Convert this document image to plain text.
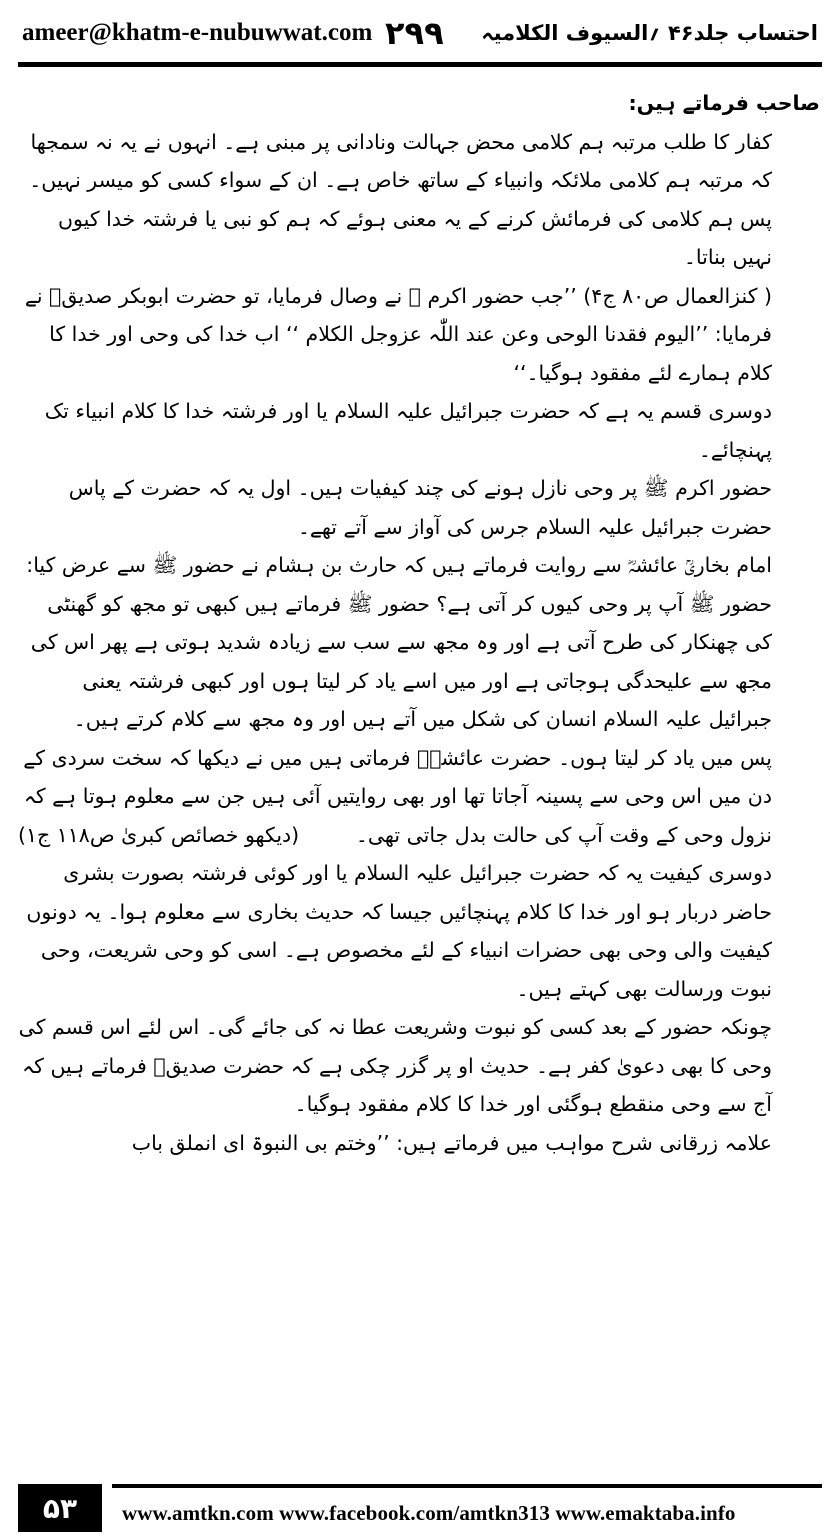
ameer@khatm-e-nubuwwat.com	احتساب جلد۴۶ ؍السیوف الکلامیہ
۲۹۹

صاحب فرماتے ہیں:

کفار کا طلب مرتبہ ہم کلامی محض جہالت ونادانی پر مبنی ہے۔ انہوں نے یہ نہ سمجھا کہ مرتبہ ہم کلامی ملائکہ وانبیاء کے ساتھ خاص ہے۔ ان کے سواء کسی کو میسر نہیں۔ پس ہم کلامی کی فرمائش کرنے کے یہ معنی ہوئے کہ ہم کو نبی یا فرشتہ خدا کیوں نہیں بناتا۔

( کنزالعمال ص۸۰ ج۴) ’’جب حضور اکرم ﷺ نے وصال فرمایا، تو حضرت ابوبکر صدیقؓ نے فرمایا: ’’الیوم فقدنا الوحی وعن عند اللّٰہ عزوجل الکلام ‘‘ اب خدا کی وحی اور خدا کا کلام ہمارے لئے مفقود ہوگیا۔‘‘

دوسری قسم یہ ہے کہ حضرت جبرائیل علیہ السلام یا اور فرشتہ خدا کا کلام انبیاء تک پہنچائے۔

حضور اکرم ﷺ پر وحی نازل ہونے کی چند کیفیات ہیں۔ اول یہ کہ حضرت کے پاس حضرت جبرائیل علیہ السلام جرس کی آواز سے آتے تھے۔

امام بخاریؒ عائشہؓ سے روایت فرماتے ہیں کہ حارث بن ہشام نے حضور ﷺ سے عرض کیا: حضور ﷺ آپ پر وحی کیوں کر آتی ہے؟ حضور ﷺ فرماتے ہیں کبھی تو مجھ کو گھنٹی کی چھنکار کی طرح آتی ہے اور وہ مجھ سے سب سے زیادہ شدید ہوتی ہے پھر اس کی مجھ سے علیحدگی ہوجاتی ہے اور میں اسے یاد کر لیتا ہوں اور کبھی فرشتہ یعنی جبرائیل علیہ السلام انسان کی شکل میں آتے ہیں اور وہ مجھ سے کلام کرتے ہیں۔

پس میں یاد کر لیتا ہوں۔ حضرت عائشہؓ فرماتی ہیں میں نے دیکھا کہ سخت سردی کے دن میں اس وحی سے پسینہ آجاتا تھا اور بھی روایتیں آئی ہیں جن سے معلوم ہوتا ہے کہ نزول وحی کے وقت آپ کی حالت بدل جاتی تھی۔
(دیکھو خصائص کبریٰ ص۱۱۸ ج۱)

دوسری کیفیت یہ کہ حضرت جبرائیل علیہ السلام یا اور کوئی فرشتہ بصورت بشری حاضر دربار ہو اور خدا کا کلام پہنچائیں جیسا کہ حدیث بخاری سے معلوم ہوا۔ یہ دونوں کیفیت والی وحی بھی حضرات انبیاء کے لئے مخصوص ہے۔ اسی کو وحی شریعت، وحی نبوت ورسالت بھی کہتے ہیں۔

چونکہ حضور کے بعد کسی کو نبوت وشریعت عطا نہ کی جائے گی۔ اس لئے اس قسم کی وحی کا بھی دعویٰ کفر ہے۔ حدیث او پر گزر چکی ہے کہ حضرت صدیقؓ فرماتے ہیں کہ آج سے وحی منقطع ہوگئی اور خدا کا کلام مفقود ہوگیا۔

علامہ زرقانی شرح مواہب میں فرماتے ہیں: ’’وختم بی النبوۃ ای انملق باب

۵۳	www.amtkn.com www.facebook.com/amtkn313 www.emaktaba.info
